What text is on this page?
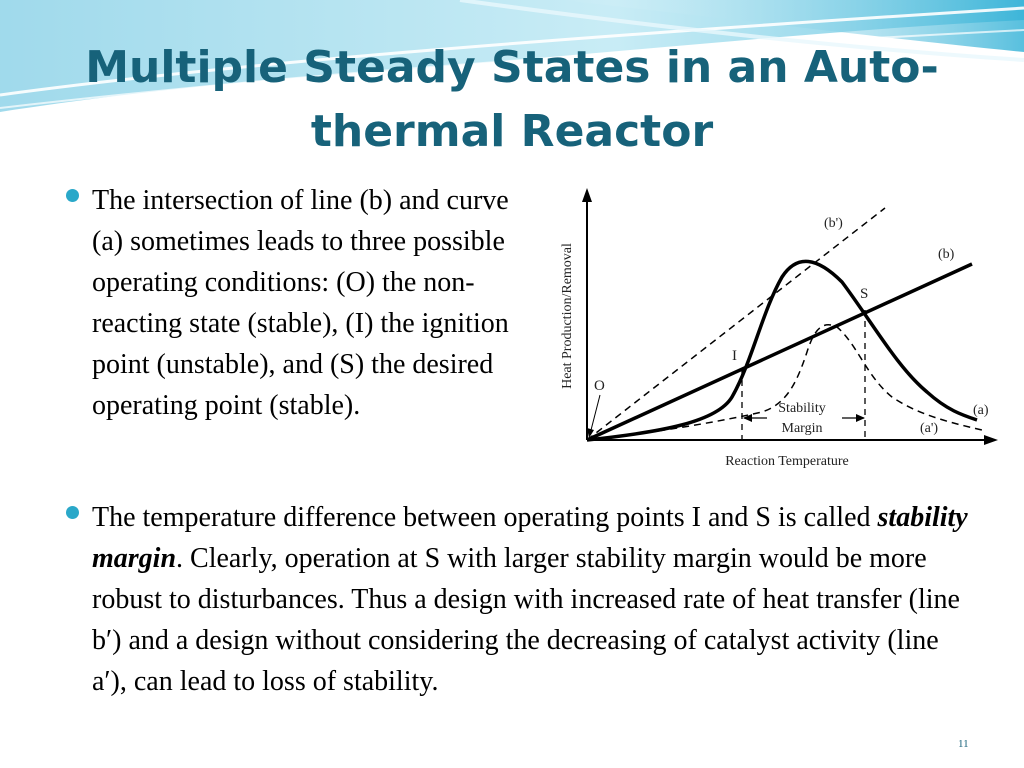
Multiple Steady States in an Auto-thermal Reactor
The intersection of line (b) and curve (a) sometimes leads to three possible operating conditions: (O) the non-reacting state (stable), (I) the ignition point (unstable), and (S) the desired operating point (stable).
Heat Production/Removal
Reaction Temperature
(b')
(b)
(a)
(a')
Stability
Margin
O
I
S
The temperature difference between operating points I and S is called stability margin. Clearly, operation at S with larger stability margin would be more robust to disturbances. Thus a design with increased rate of heat transfer (line b′) and a design without considering the decreasing of catalyst activity (line a′), can lead to loss of stability.
11
